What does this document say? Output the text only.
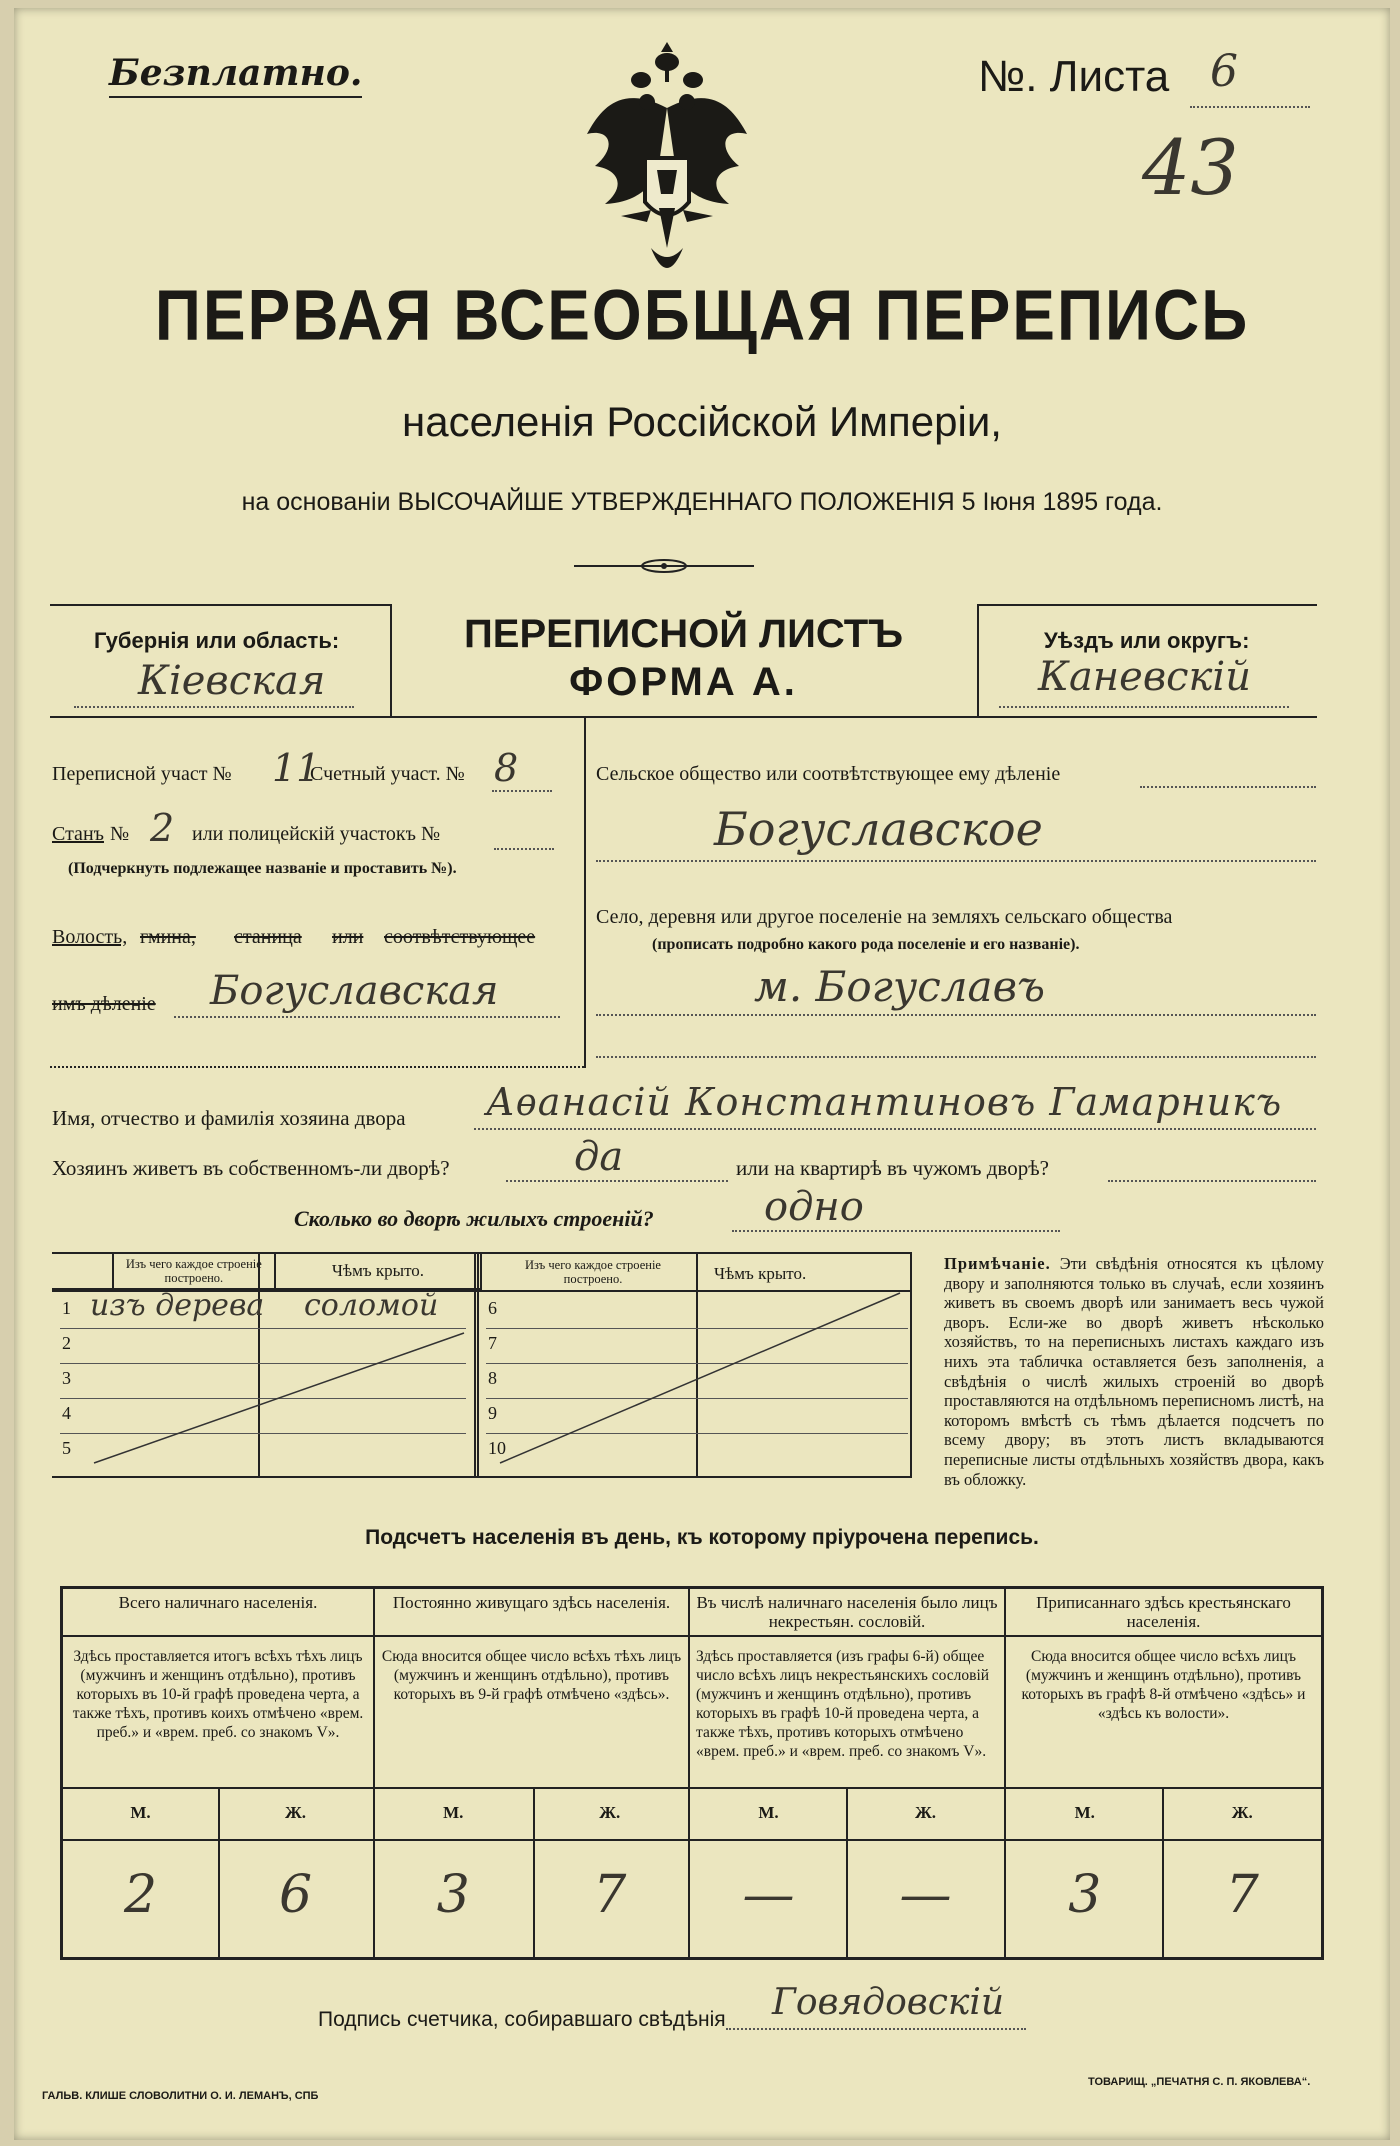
Безплатно.	№. Листа 6
43
ПЕРВАЯ ВСЕОБЩАЯ ПЕРЕПИСЬ
населенія Россійской Имперіи,
на основаніи ВЫСОЧАЙШЕ УТВЕРЖДЕННАГО ПОЛОЖЕНІЯ 5 Іюня 1895 года.
Губернія или область:
Кіевская
ПЕРЕПИСНОЙ ЛИСТЪ
ФОРМА А.
Уѣздъ или округъ:
Каневскій
Переписной участ № 11
Счетный участ. № 8
Станъ № 2 или полицейскій участокъ №
(Подчеркнуть подлежащее названіе и проставить №).
Волость, гмина, станица или соотвѣтствующее
имъ дѣленіе Богуславская
Сельское общество или соотвѣтствующее ему дѣленіе
Богуславское
Село, деревня или другое поселеніе на земляхъ сельскаго общества
(прописать подробно какого рода поселеніе и его названіе).
м. Богуславъ
Имя, отчество и фамилія хозяина двора Аѳанасій Константиновъ Гамарникъ
Хозяинъ живетъ въ собственномъ-ли дворѣ?	да	или на квартирѣ въ чужомъ дворѣ?
Сколько во дворѣ жилыхъ строеній?	одно
	Изъ чего каждое строеніе построено.	Чѣмъ крыто.	Изъ чего каждое строеніе построено.	Чѣмъ крыто.
1 изъ дерева соломой
2
3
4
5
6
7
8
9
10
Примѣчаніе. Эти свѣдѣнія относятся къ цѣлому двору и заполняются только въ случаѣ, если хозяинъ живетъ въ своемъ дворѣ или занимаетъ весь чужой дворъ. Если-же во дворѣ живетъ нѣсколько хозяйствъ, то на переписныхъ листахъ каждаго изъ нихъ эта табличка оставляется безъ заполненія, а свѣдѣнія о числѣ жилыхъ строеній во дворѣ проставляются на отдѣльномъ переписномъ листѣ, на которомъ вмѣстѣ съ тѣмъ дѣлается подсчетъ по всему двору; въ этотъ листъ вкладываются переписные листы отдѣльныхъ хозяйствъ двора, какъ въ обложку.
Подсчетъ населенія въ день, къ которому пріурочена перепись.
Всего наличнаго населенія.
Здѣсь проставляется итогъ всѣхъ тѣхъ лицъ (мужчинъ и женщинъ отдѣльно), противъ которыхъ въ 10-й графѣ проведена черта, а также тѣхъ, противъ коихъ отмѣчено «врем. преб.» и «врем. преб. со знакомъ V».
М.	Ж.
2	6
Постоянно живущаго здѣсь населенія.
Сюда вносится общее число всѣхъ тѣхъ лицъ (мужчинъ и женщинъ отдѣльно), противъ которыхъ въ 9-й графѣ отмѣчено «здѣсь».
М.	Ж.
3	7
Въ числѣ наличнаго населенія было лицъ некрестьян. сословій.
Здѣсь проставляется (изъ графы 6-й) общее число всѣхъ лицъ некрестьянскихъ сословій (мужчинъ и женщинъ отдѣльно), противъ которыхъ въ графѣ 10-й проведена черта, а также тѣхъ, противъ которыхъ отмѣчено «врем. преб.» и «врем. преб. со знакомъ V».
М.	Ж.
—	—
Приписаннаго здѣсь крестьянскаго населенія.
Сюда вносится общее число всѣхъ лицъ (мужчинъ и женщинъ отдѣльно), противъ которыхъ въ графѣ 8-й отмѣчено «здѣсь» и «здѣсь къ волости».
М.	Ж.
3	7
Подпись счетчика, собиравшаго свѣдѣнія Говядовскій
ГАЛЬВ. КЛИШЕ СЛОВОЛИТНИ О. И. ЛЕМАНЪ, СПБ
ТОВАРИЩ. „ПЕЧАТНЯ С. П. ЯКОВЛЕВА“.
